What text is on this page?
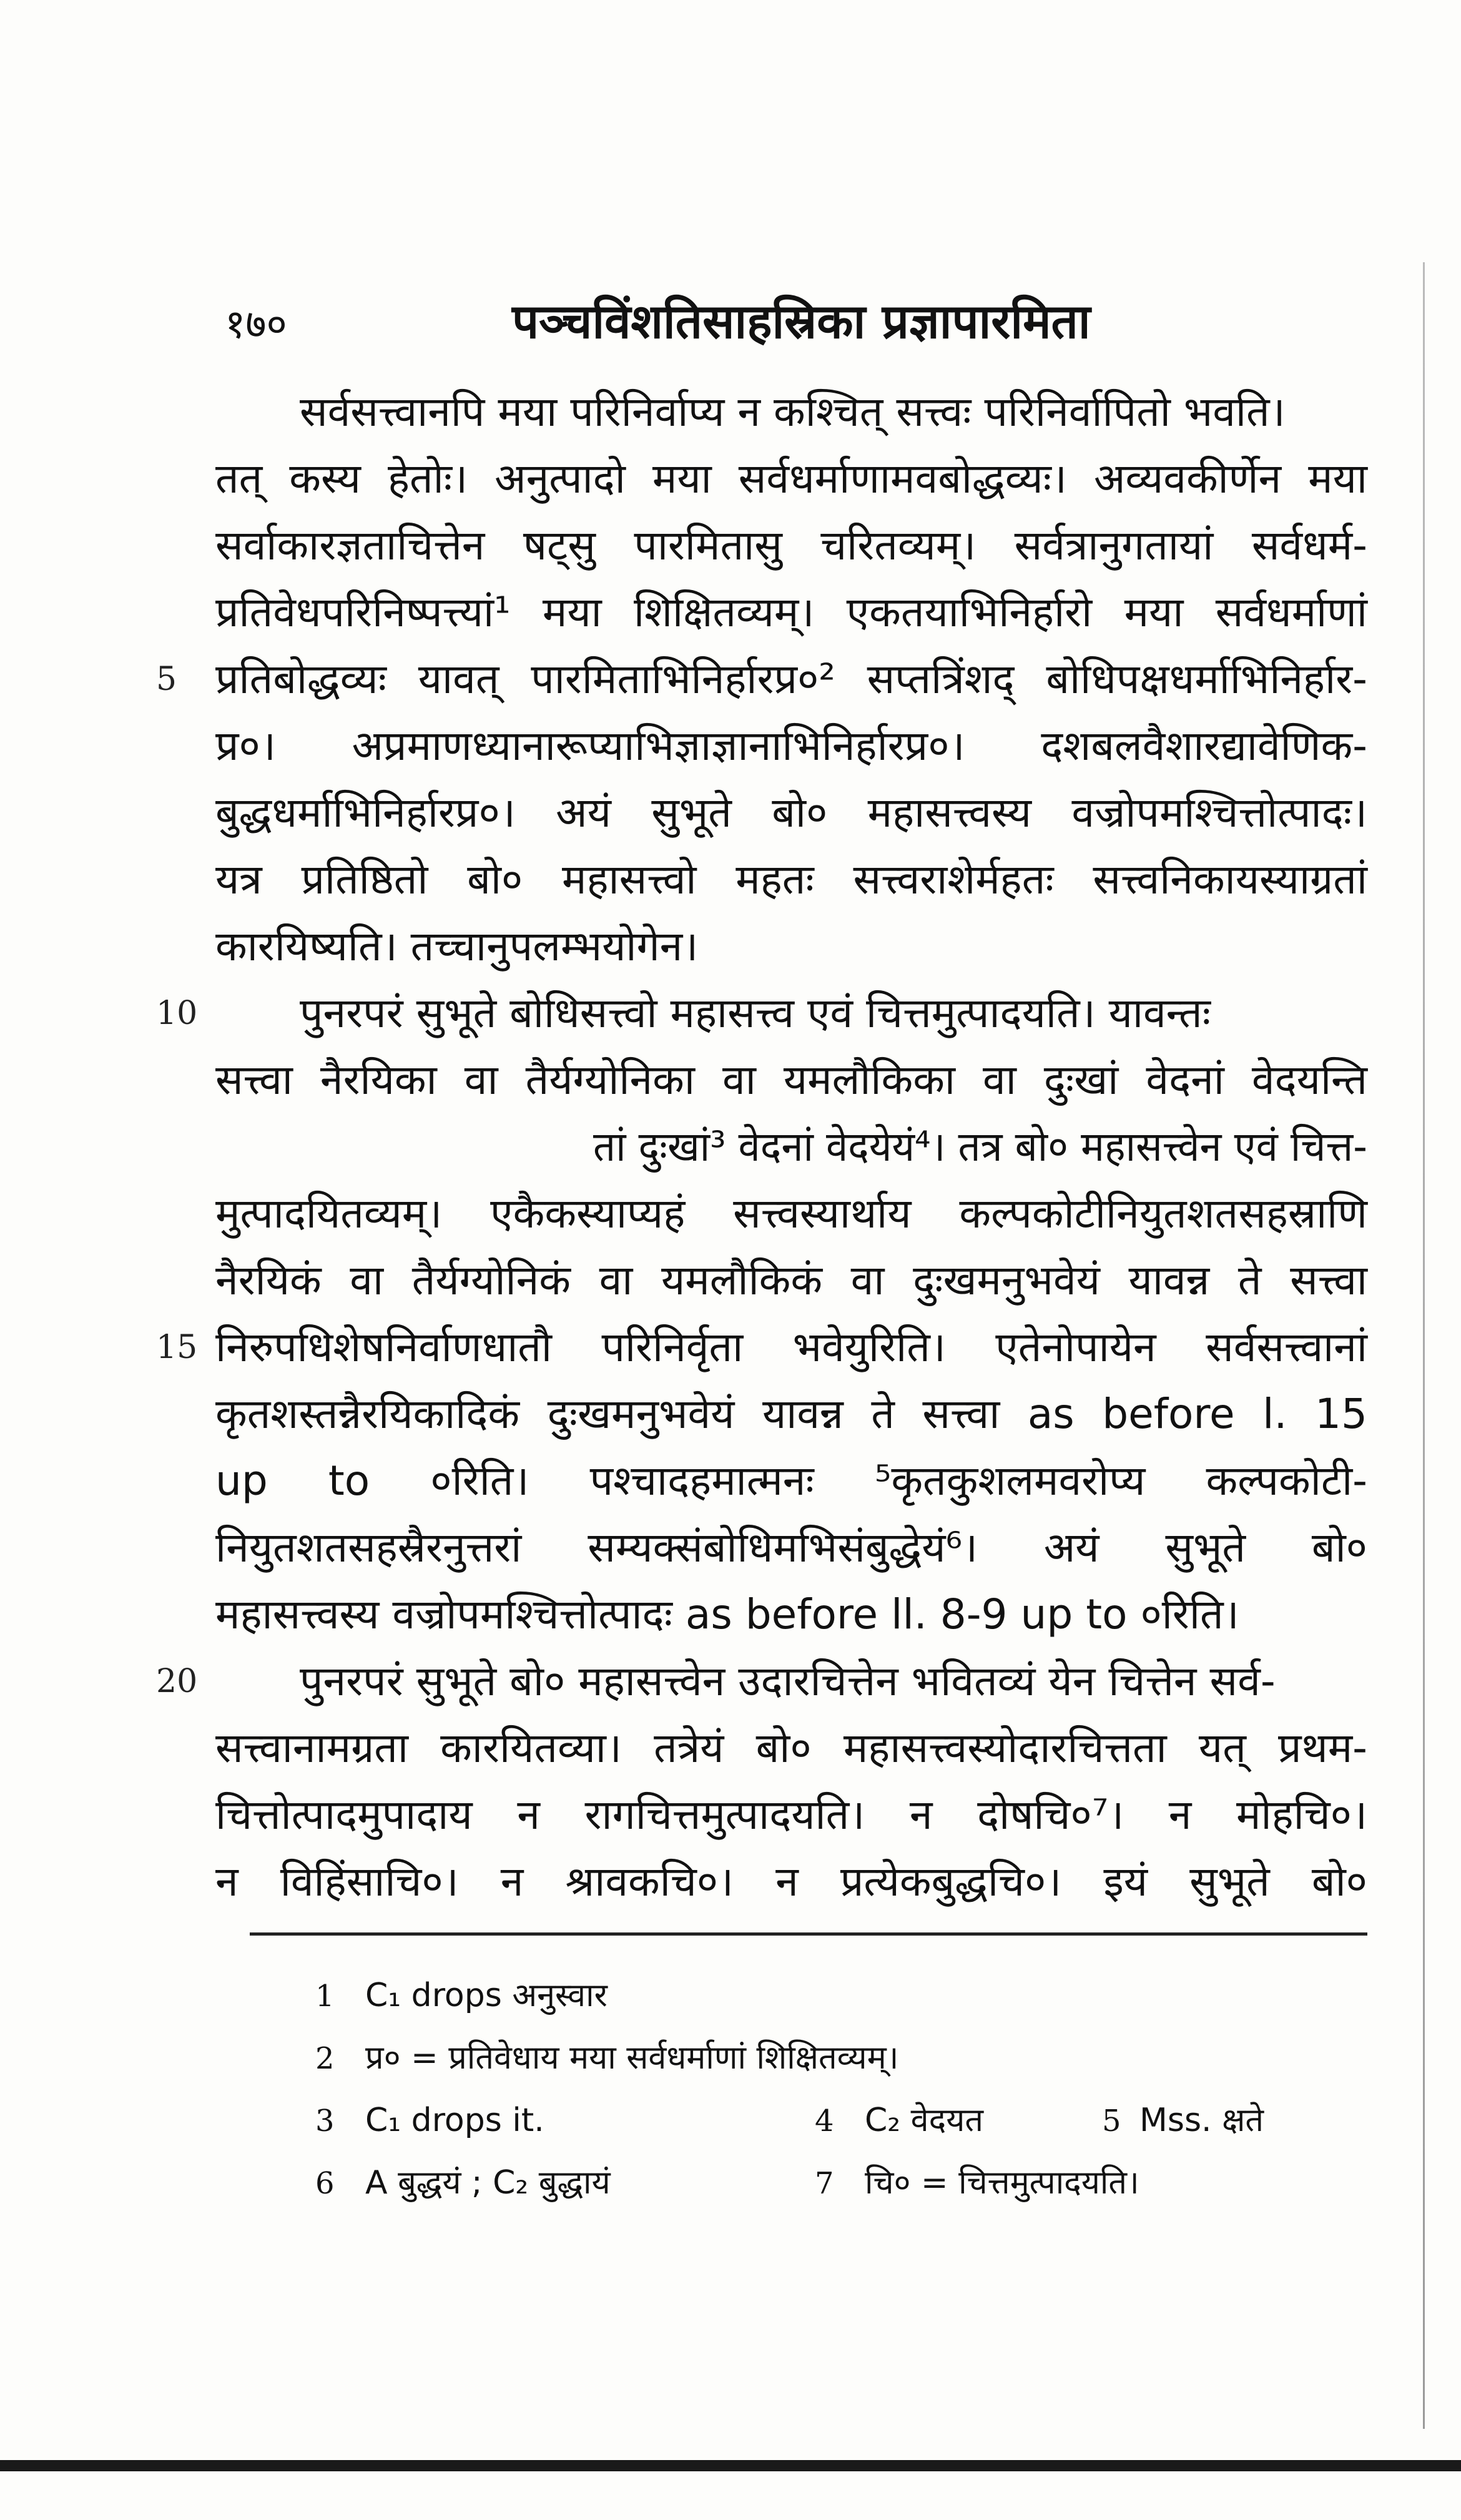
१७०	पञ्चविंशतिसाहस्रिका प्रज्ञापारमिता
सर्वसत्त्वानपि मया परिनिर्वाप्य न कश्चित् सत्त्वः परिनिर्वापितो भवति।
तत् कस्य हेतोः। अनुत्पादो मया सर्वधर्माणामवबोद्धव्यः। अव्यवकीर्णेन मया
सर्वाकारज्ञताचित्तेन षट्सु पारमितासु चरितव्यम्। सर्वत्रानुगतायां सर्वधर्म-
प्रतिवेधपरिनिष्पत्त्यां¹ मया शिक्षितव्यम्। एकतयाभिनिर्हारो मया सर्वधर्माणां
5 प्रतिबोद्धव्यः यावत् पारमिताभिनिर्हारप्र०² सप्तत्रिंशद् बोधिपक्षधर्माभिनिर्हार-
प्र०। अप्रमाणध्यानारूप्याभिज्ञाज्ञानाभिनिर्हारप्र०। दशबलवैशारद्यावेणिक-
बुद्धधर्माभिनिर्हारप्र०। अयं सुभूते बो० महासत्त्वस्य वज्रोपमश्चित्तोत्पादः।
यत्र प्रतिष्ठितो बो० महासत्त्वो महतः सत्त्वराशेर्महतः सत्त्वनिकायस्याग्रतां
कारयिष्यति। तच्चानुपलम्भयोगेन।
10 पुनरपरं सुभूते बोधिसत्त्वो महासत्त्व एवं चित्तमुत्पादयति। यावन्तः
सत्त्वा नैरयिका वा तैर्यग्योनिका वा यमलौकिका वा दुःखां वेदनां वेदयन्ति
तां दुःखां³ वेदनां वेदयेयं⁴। तत्र बो० महासत्त्वेन एवं चित्त-
मुत्पादयितव्यम्। एकैकस्याप्यहं सत्त्वस्यार्थाय कल्पकोटीनियुतशतसहस्राणि
नैरयिकं वा तैर्यग्योनिकं वा यमलौकिकं वा दुःखमनुभवेयं यावन्न ते सत्त्वा
15 निरुपधिशेषनिर्वाणधातौ परिनिर्वृता भवेयुरिति। एतेनोपायेन सर्वसत्त्वानां
कृतशस्तन्नैरयिकादिकं दुःखमनुभवेयं यावन्न ते सत्त्वा as before l. 15
up to ०रिति। पश्चादहमात्मनः ⁵कृतकुशलमवरोप्य कल्पकोटी-
नियुतशतसहस्रैरनुत्तरां सम्यक्संबोधिमभिसंबुद्धेयं⁶। अयं सुभूते बो०
महासत्त्वस्य वज्रोपमश्चित्तोत्पादः as before ll. 8-9 up to ०रिति।
20 पुनरपरं सुभूते बो० महासत्त्वेन उदारचित्तेन भवितव्यं येन चित्तेन सर्व-
सत्त्वानामग्रता कारयितव्या। तत्रेयं बो० महासत्त्वस्योदारचित्तता यत् प्रथम-
चित्तोत्पादमुपादाय न रागचित्तमुत्पादयति। न दोषचि०⁷। न मोहचि०।
न विहिंसाचि०। न श्रावकचि०। न प्रत्येकबुद्धचि०। इयं सुभूते बो०
1 C₁ drops अनुस्वार
2 प्र० = प्रतिवेधाय मया सर्वधर्माणां शिक्षितव्यम्।
3 C₁ drops it.	4 C₂ वेदयत	5 Mss. क्षते
6 A बुद्धयं ; C₂ बुद्धायं	7 चि० = चित्तमुत्पादयति।
